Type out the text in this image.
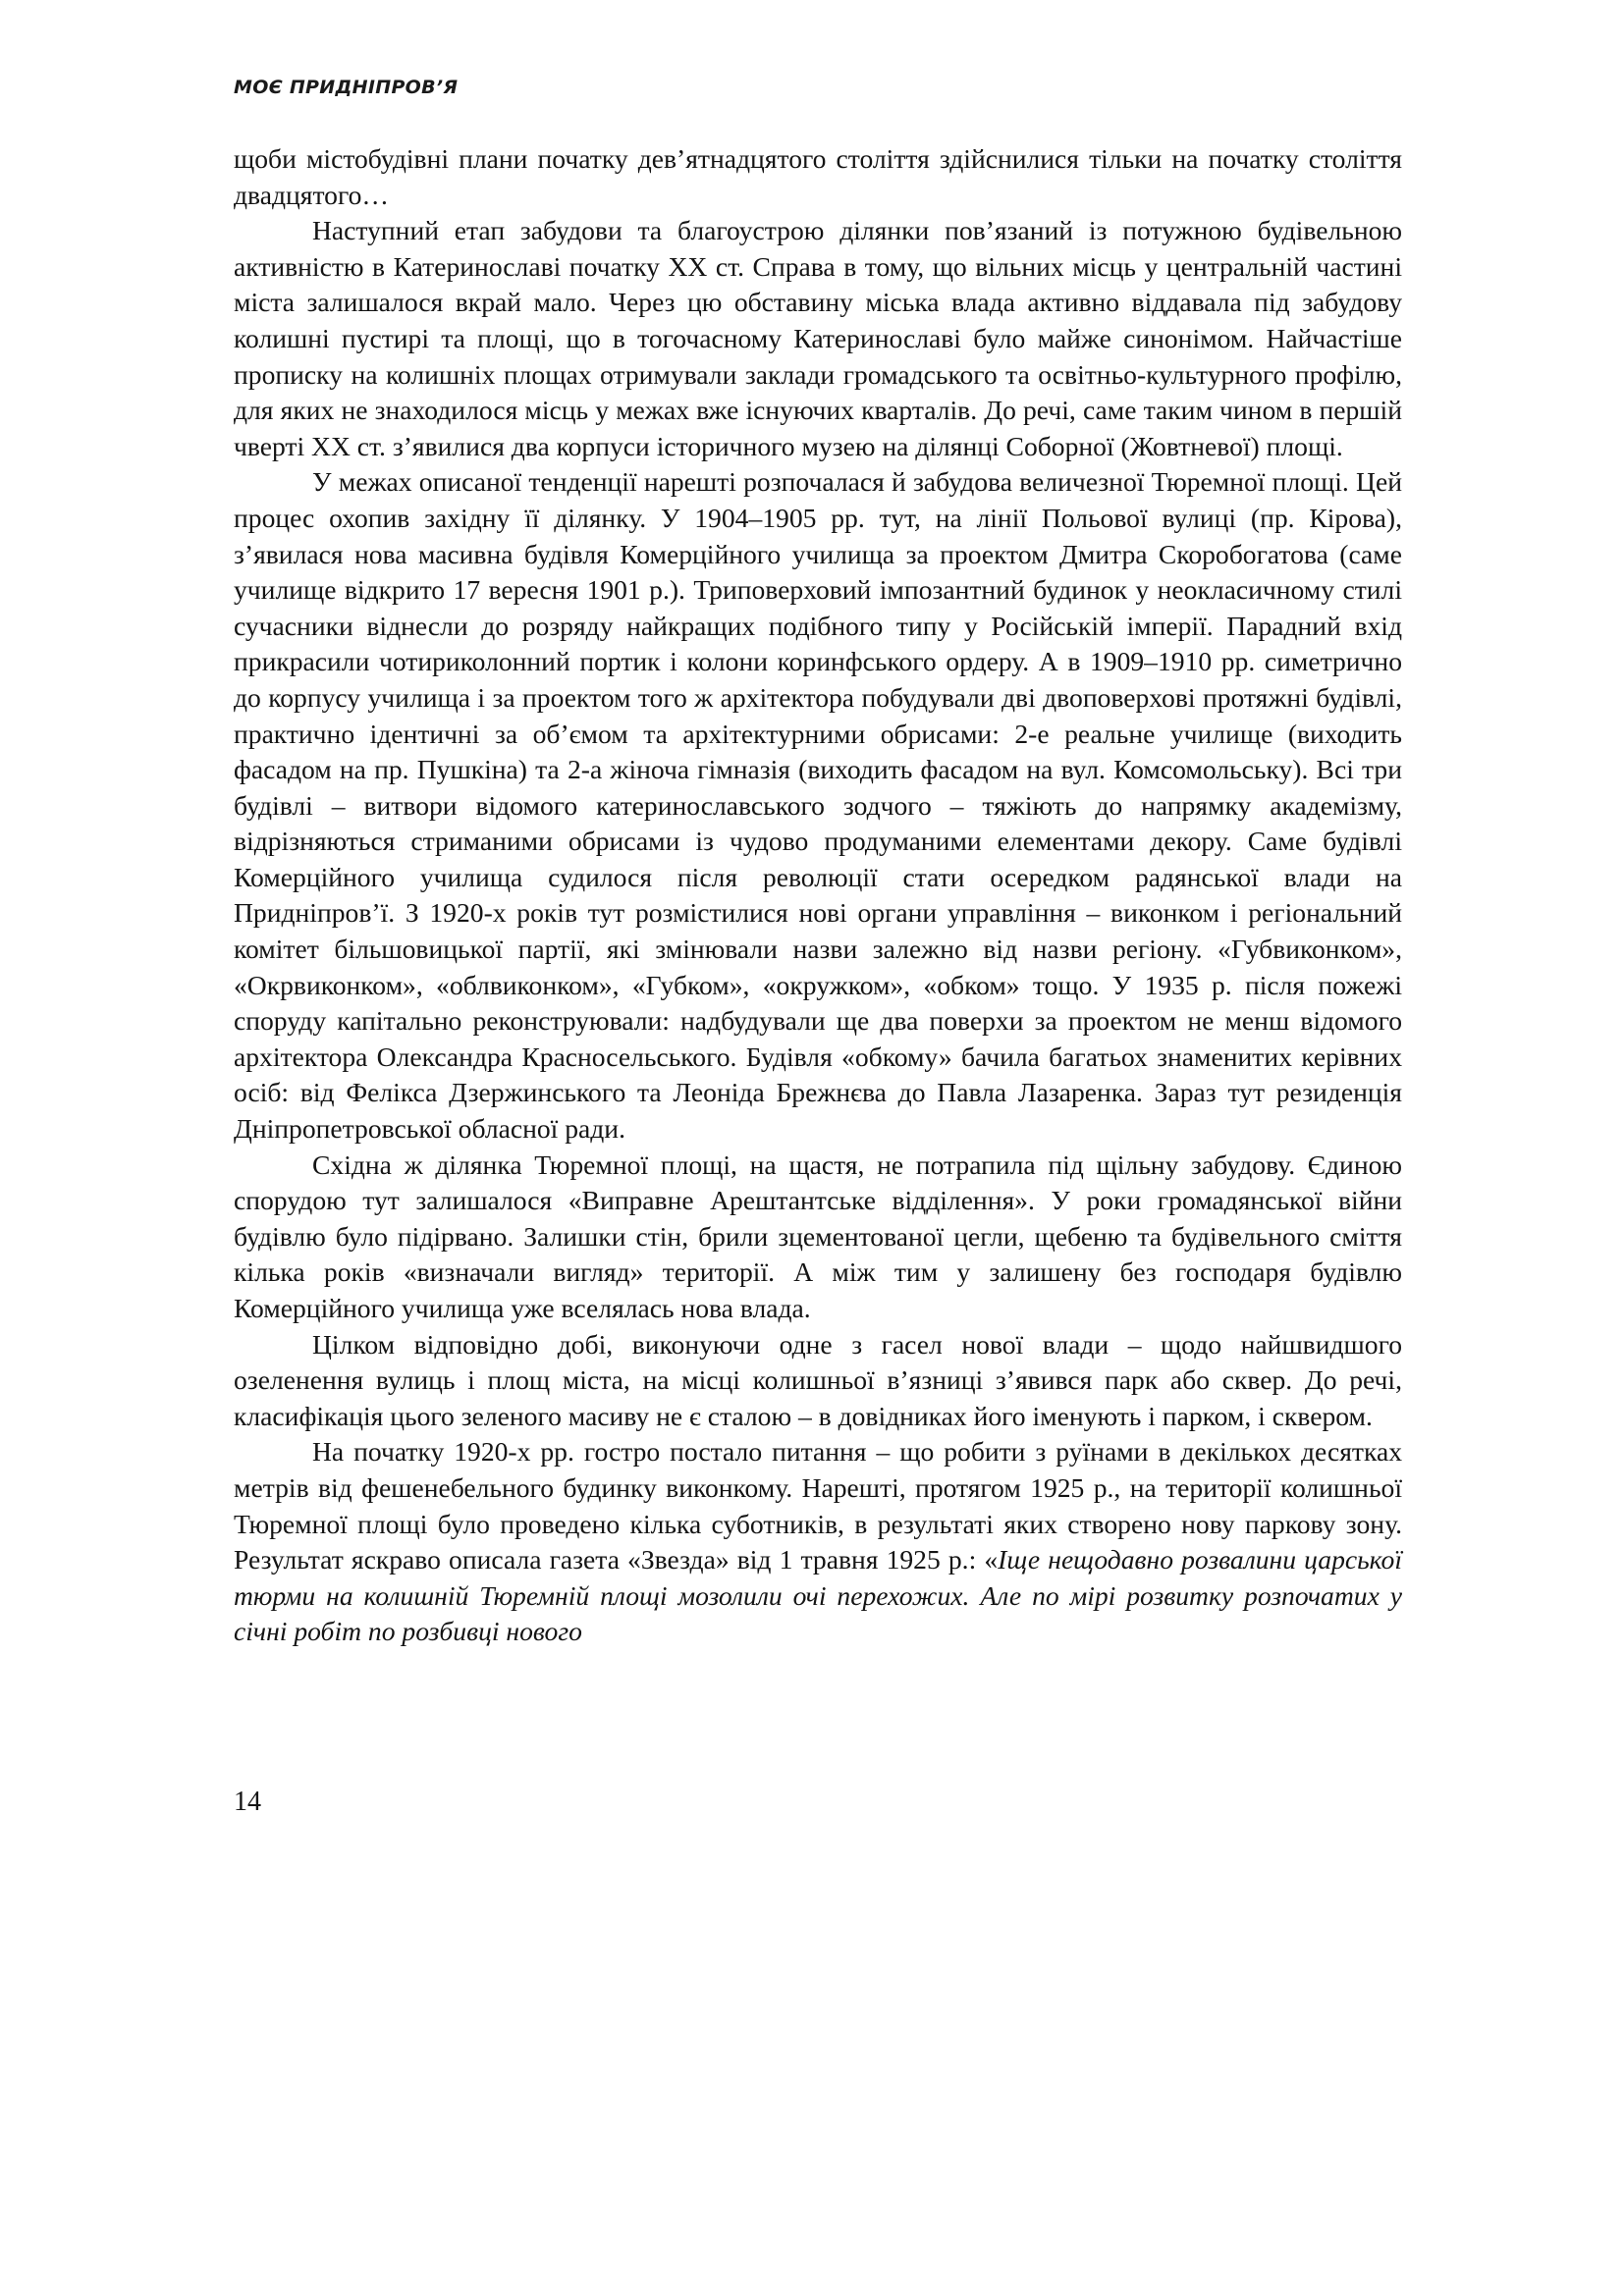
МОЄ ПРИДНІПРОВ’Я

щоби містобудівні плани початку дев’ятнадцятого століття здійснилися тільки на початку століття двадцятого…

Наступний етап забудови та благоустрою ділянки пов’язаний із потужною будівельною активністю в Катеринославі початку ХХ ст. Справа в тому, що вільних місць у центральній частині міста залишалося вкрай мало. Через цю обставину міська влада активно віддавала під забудову колишні пустирі та площі, що в тогочасному Катеринославі було майже синонімом. Найчастіше прописку на колишніх площах отримували заклади громадського та освітньо-культурного профілю, для яких не знаходилося місць у межах вже існуючих кварталів. До речі, саме таким чином в першій чверті ХХ ст. з’явилися два корпуси історичного музею на ділянці Соборної (Жовтневої) площі.

У межах описаної тенденції нарешті розпочалася й забудова величезної Тюремної площі. Цей процес охопив західну її ділянку. У 1904–1905 рр. тут, на лінії Польової вулиці (пр. Кірова), з’явилася нова масивна будівля Комерційного училища за проектом Дмитра Скоробогатова (саме училище відкрито 17 вересня 1901 р.). Триповерховий імпозантний будинок у неокласичному стилі сучасники віднесли до розряду найкращих подібного типу у Російській імперії. Парадний вхід прикрасили чотириколонний портик і колони коринфського ордеру. А в 1909–1910 рр. симетрично до корпусу училища і за проектом того ж архітектора побудували дві двоповерхові протяжні будівлі, практично ідентичні за об’ємом та архітектурними обрисами: 2-е реальне училище (виходить фасадом на пр. Пушкіна) та 2-а жіноча гімназія (виходить фасадом на вул. Комсомольську). Всі три будівлі – витвори відомого катеринославського зодчого – тяжіють до напрямку академізму, відрізняються стриманими обрисами із чудово продуманими елементами декору. Саме будівлі Комерційного училища судилося після революції стати осередком радянської влади на Придніпров’ї. З 1920-х років тут розмістилися нові органи управління – виконком і регіональний комітет більшовицької партії, які змінювали назви залежно від назви регіону. «Губвиконком», «Окрвиконком», «облвиконком», «Губком», «окружком», «обком» тощо. У 1935 р. після пожежі споруду капітально реконструювали: надбудували ще два поверхи за проектом не менш відомого архітектора Олександра Красносельського. Будівля «обкому» бачила багатьох знаменитих керівних осіб: від Фелікса Дзержинського та Леоніда Брежнєва до Павла Лазаренка. Зараз тут резиденція Дніпропетровської обласної ради.

Східна ж ділянка Тюремної площі, на щастя, не потрапила під щільну забудову. Єдиною спорудою тут залишалося «Виправне Арештантське відділення». У роки громадянської війни будівлю було підірвано. Залишки стін, брили зцементованої цегли, щебеню та будівельного сміття кілька років «визначали вигляд» території. А між тим у залишену без господаря будівлю Комерційного училища уже вселялась нова влада.

Цілком відповідно добі, виконуючи одне з гасел нової влади – щодо найшвидшого озеленення вулиць і площ міста, на місці колишньої в’язниці з’явився парк або сквер. До речі, класифікація цього зеленого масиву не є сталою – в довідниках його іменують і парком, і сквером.

На початку 1920-х рр. гостро постало питання – що робити з руїнами в декількох десятках метрів від фешенебельного будинку виконкому. Нарешті, протягом 1925 р., на території колишньої Тюремної площі було проведено кілька суботників, в результаті яких створено нову паркову зону. Результат яскраво описала газета «Звезда» від 1 травня 1925 р.: «Іще нещодавно розвалини царської тюрми на колишній Тюремній площі мозолили очі перехожих. Але по мірі розвитку розпочатих у січні робіт по розбивці нового

14
